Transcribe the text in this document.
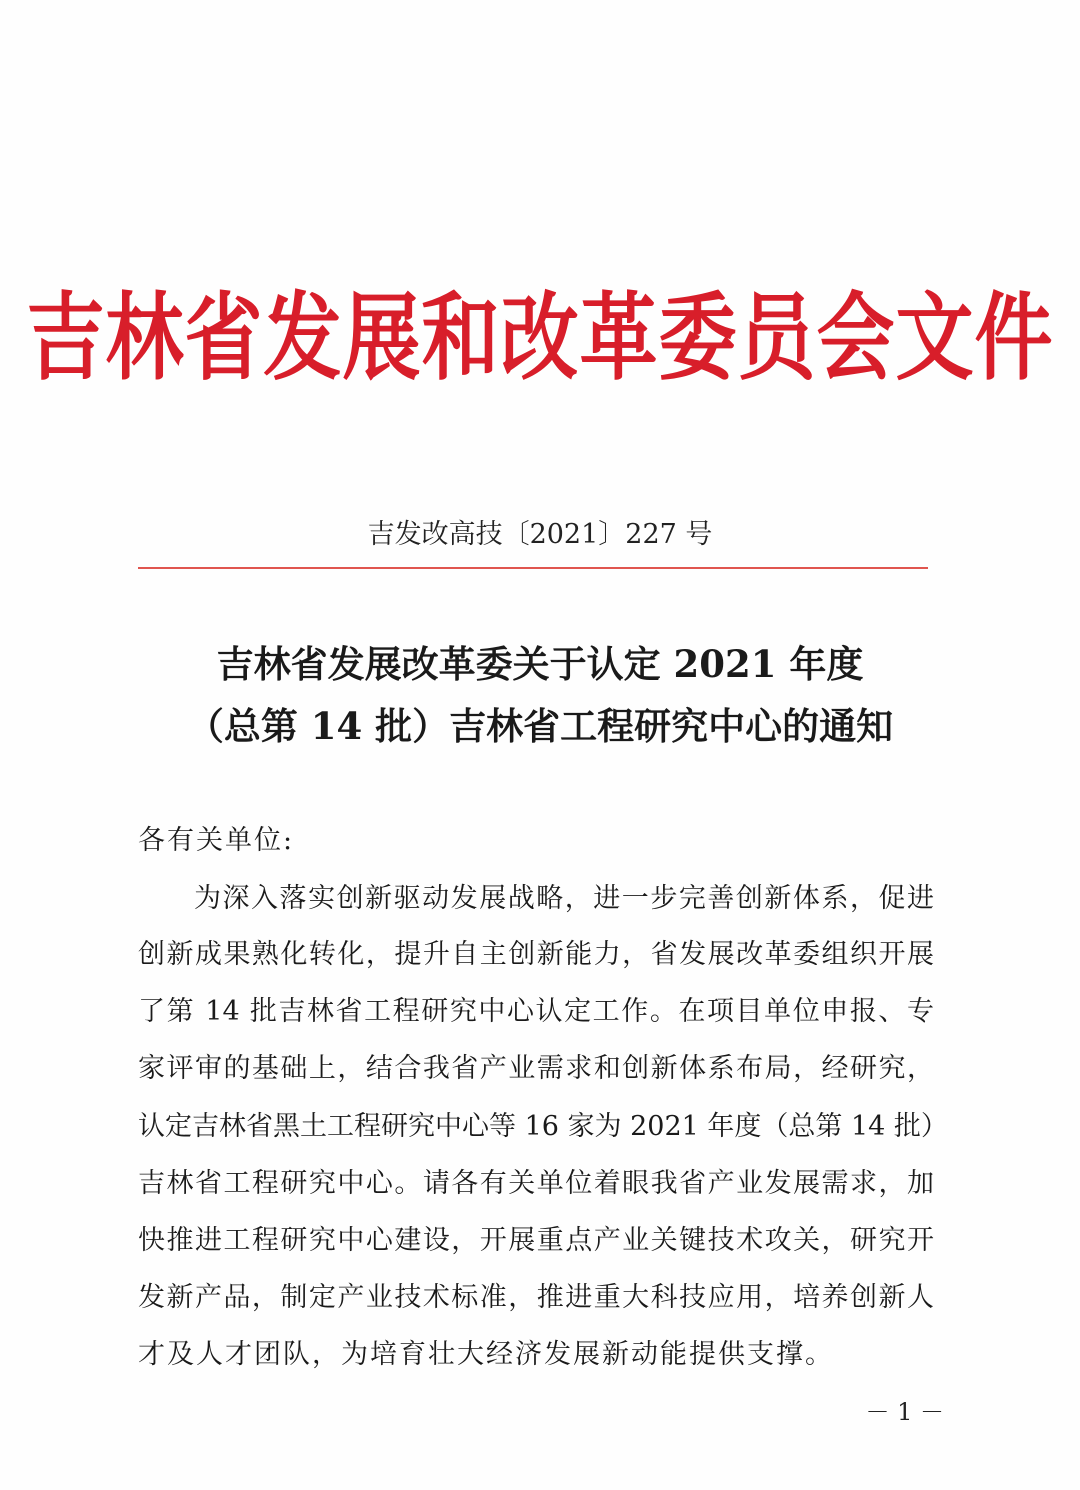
吉林省发展和改革委员会文件
吉发改高技〔2021〕227 号
吉林省发展改革委关于认定 2021 年度
（总第 14 批）吉林省工程研究中心的通知
各有关单位:
为深入落实创新驱动发展战略，进一步完善创新体系，促进
创新成果熟化转化，提升自主创新能力，省发展改革委组织开展
了第 14 批吉林省工程研究中心认定工作。在项目单位申报、专
家评审的基础上，结合我省产业需求和创新体系布局，经研究，
认定吉林省黑土工程研究中心等 16 家为 2021 年度（总第 14 批）
吉林省工程研究中心。请各有关单位着眼我省产业发展需求，加
快推进工程研究中心建设，开展重点产业关键技术攻关，研究开
发新产品，制定产业技术标准，推进重大科技应用，培养创新人
才及人才团队，为培育壮大经济发展新动能提供支撑。
－ 1 －
